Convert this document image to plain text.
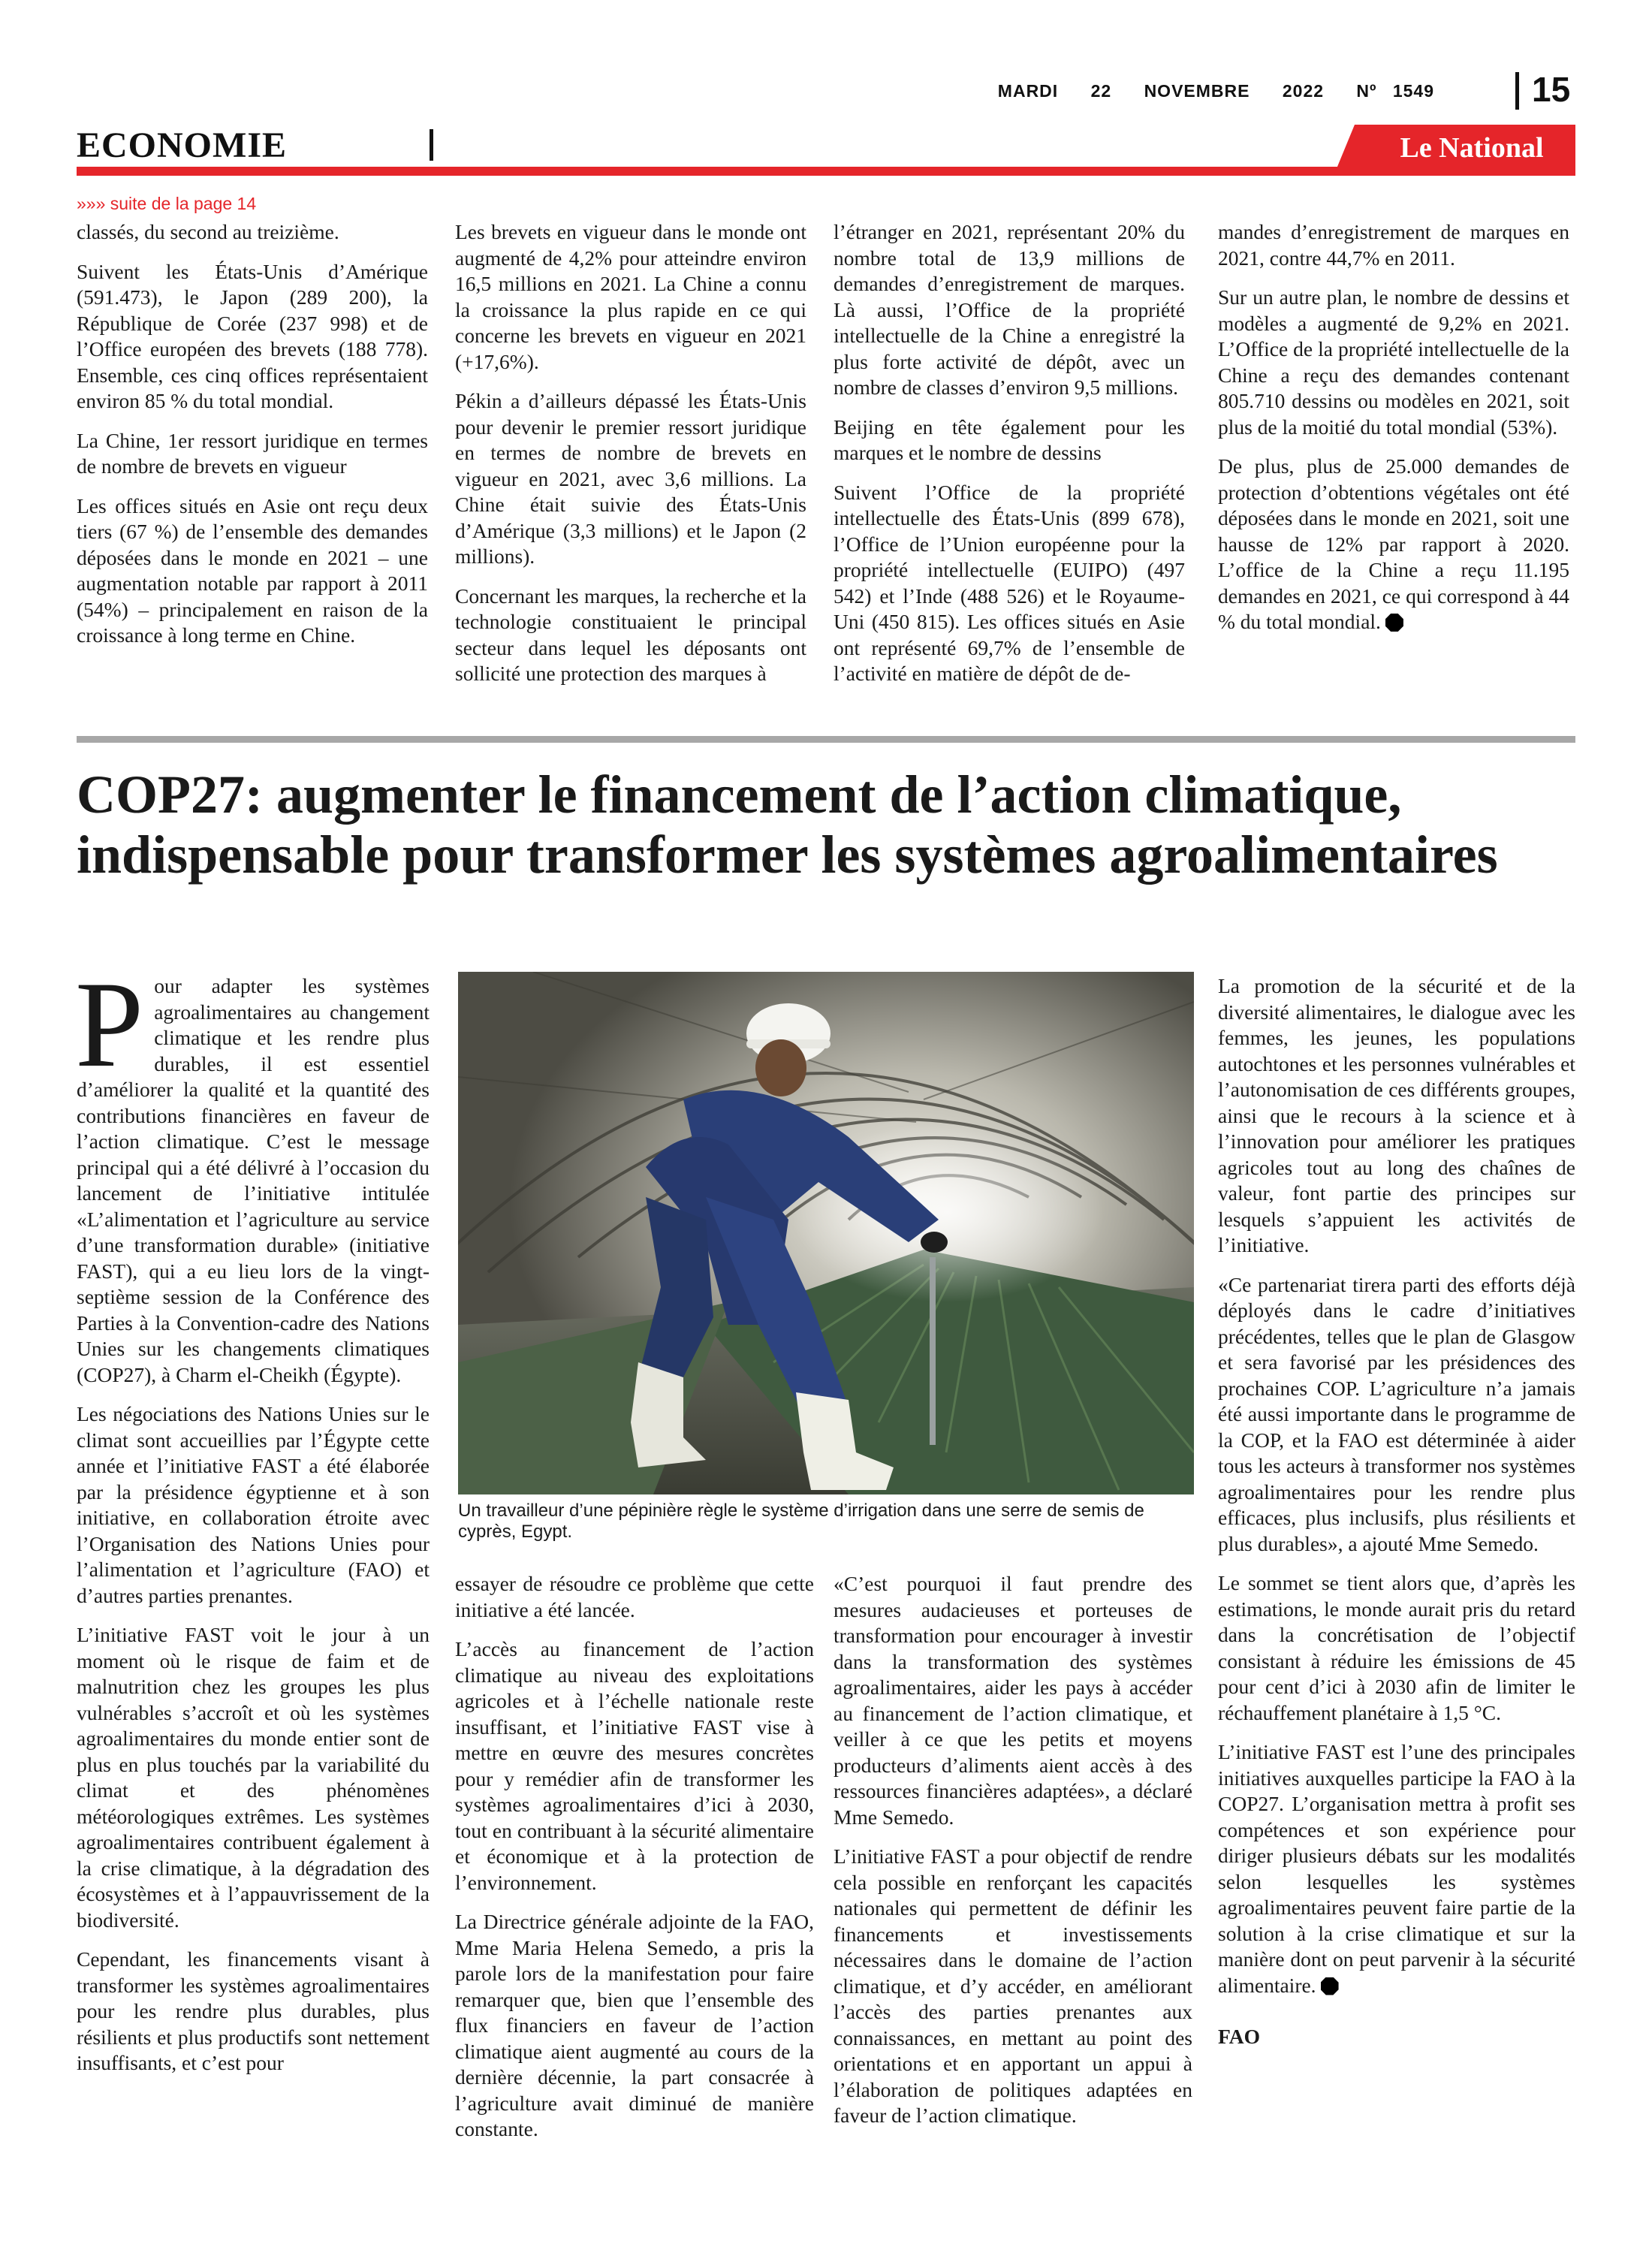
MARDI 22 NOVEMBRE 2022 Nº 1549	15
ECONOMIE	Le National
»»» suite de la page 14

classés, du second au treizième.

Suivent les États-Unis d’Amérique (591.473), le Japon (289 200), la République de Corée (237 998) et de l’Office européen des brevets (188 778). Ensemble, ces cinq offices représentaient environ 85 % du total mondial.

La Chine, 1er ressort juridique en termes de nombre de brevets en vigueur

Les offices situés en Asie ont reçu deux tiers (67 %) de l’ensemble des demandes déposées dans le monde en 2021 – une augmentation notable par rapport à 2011 (54%) – principalement en raison de la croissance à long terme en Chine.

Les brevets en vigueur dans le monde ont augmenté de 4,2% pour atteindre environ 16,5 millions en 2021. La Chine a connu la croissance la plus rapide en ce qui concerne les brevets en vigueur en 2021 (+17,6%).

Pékin a d’ailleurs dépassé les États-Unis pour devenir le premier ressort juridique en termes de nombre de brevets en vigueur en 2021, avec 3,6 millions. La Chine était suivie des États-Unis d’Amérique (3,3 millions) et le Japon (2 millions).

Concernant les marques, la recherche et la technologie constituaient le principal secteur dans lequel les déposants ont sollicité une protection des marques à

l’étranger en 2021, représentant 20% du nombre total de 13,9 millions de demandes d’enregistrement de marques. Là aussi, l’Office de la propriété intellectuelle de la Chine a enregistré la plus forte activité de dépôt, avec un nombre de classes d’environ 9,5 millions.

Beijing en tête également pour les marques et le nombre de dessins

Suivent l’Office de la propriété intellectuelle des États-Unis (899 678), l’Office de l’Union européenne pour la propriété intellectuelle (EUIPO) (497 542) et l’Inde (488 526) et le Royaume-Uni (450 815). Les offices situés en Asie ont représenté 69,7% de l’ensemble de l’activité en matière de dépôt de de-

mandes d’enregistrement de marques en 2021, contre 44,7% en 2011.

Sur un autre plan, le nombre de dessins et modèles a augmenté de 9,2% en 2021. L’Office de la propriété intellectuelle de la Chine a reçu des demandes contenant 805.710 dessins ou modèles en 2021, soit plus de la moitié du total mondial (53%).

De plus, plus de 25.000 demandes de protection d’obtentions végétales ont été déposées dans le monde en 2021, soit une hausse de 12% par rapport à 2020. L’office de la Chine a reçu 11.195 demandes en 2021, ce qui correspond à 44 % du total mondial.

COP27: augmenter le financement de l’action climatique, indispensable pour transformer les systèmes agroalimentaires

Pour adapter les systèmes agroalimentaires au changement climatique et les rendre plus durables, il est essentiel d’améliorer la qualité et la quantité des contributions financières en faveur de l’action climatique. C’est le message principal qui a été délivré à l’occasion du lancement de l’initiative intitulée «L’alimentation et l’agriculture au service d’une transformation durable» (initiative FAST), qui a eu lieu lors de la vingt-septième session de la Conférence des Parties à la Convention-cadre des Nations Unies sur les changements climatiques (COP27), à Charm el-Cheikh (Égypte).

Les négociations des Nations Unies sur le climat sont accueillies par l’Égypte cette année et l’initiative FAST a été élaborée par la présidence égyptienne et à son initiative, en collaboration étroite avec l’Organisation des Nations Unies pour l’alimentation et l’agriculture (FAO) et d’autres parties prenantes.

L’initiative FAST voit le jour à un moment où le risque de faim et de malnutrition chez les groupes les plus vulnérables s’accroît et où les systèmes agroalimentaires du monde entier sont de plus en plus touchés par la variabilité du climat et des phénomènes météorologiques extrêmes. Les systèmes agroalimentaires contribuent également à la crise climatique, à la dégradation des écosystèmes et à l’appauvrissement de la biodiversité.

Cependant, les financements visant à transformer les systèmes agroalimentaires pour les rendre plus durables, plus résilients et plus productifs sont nettement insuffisants, et c’est pour

Un travailleur d’une pépinière règle le système d’irrigation dans une serre de semis de cyprès, Egypt.

essayer de résoudre ce problème que cette initiative a été lancée.

L’accès au financement de l’action climatique au niveau des exploitations agricoles et à l’échelle nationale reste insuffisant, et l’initiative FAST vise à mettre en œuvre des mesures concrètes pour y remédier afin de transformer les systèmes agroalimentaires d’ici à 2030, tout en contribuant à la sécurité alimentaire et économique et à la protection de l’environnement.

La Directrice générale adjointe de la FAO, Mme Maria Helena Semedo, a pris la parole lors de la manifestation pour faire remarquer que, bien que l’ensemble des flux financiers en faveur de l’action climatique aient augmenté au cours de la dernière décennie, la part consacrée à l’agriculture avait diminué de manière constante.

«C’est pourquoi il faut prendre des mesures audacieuses et porteuses de transformation pour encourager à investir dans la transformation des systèmes agroalimentaires, aider les pays à accéder au financement de l’action climatique, et veiller à ce que les petits et moyens producteurs d’aliments aient accès à des ressources financières adaptées», a déclaré Mme Semedo.

L’initiative FAST a pour objectif de rendre cela possible en renforçant les capacités nationales qui permettent de définir les financements et investissements nécessaires dans le domaine de l’action climatique, et d’y accéder, en améliorant l’accès des parties prenantes aux connaissances, en mettant au point des orientations et en apportant un appui à l’élaboration de politiques adaptées en faveur de l’action climatique.

La promotion de la sécurité et de la diversité alimentaires, le dialogue avec les femmes, les jeunes, les populations autochtones et les personnes vulnérables et l’autonomisation de ces différents groupes, ainsi que le recours à la science et à l’innovation pour améliorer les pratiques agricoles tout au long des chaînes de valeur, font partie des principes sur lesquels s’appuient les activités de l’initiative.

«Ce partenariat tirera parti des efforts déjà déployés dans le cadre d’initiatives précédentes, telles que le plan de Glasgow et sera favorisé par les présidences des prochaines COP. L’agriculture n’a jamais été aussi importante dans le programme de la COP, et la FAO est déterminée à aider tous les acteurs à transformer nos systèmes agroalimentaires pour les rendre plus efficaces, plus inclusifs, plus résilients et plus durables», a ajouté Mme Semedo.

Le sommet se tient alors que, d’après les estimations, le monde aurait pris du retard dans la concrétisation de l’objectif consistant à réduire les émissions de 45 pour cent d’ici à 2030 afin de limiter le réchauffement planétaire à 1,5 °C.

L’initiative FAST est l’une des principales initiatives auxquelles participe la FAO à la COP27. L’organisation mettra à profit ses compétences et son expérience pour diriger plusieurs débats sur les modalités selon lesquelles les systèmes agroalimentaires peuvent faire partie de la solution à la crise climatique et sur la manière dont on peut parvenir à la sécurité alimentaire.

FAO
